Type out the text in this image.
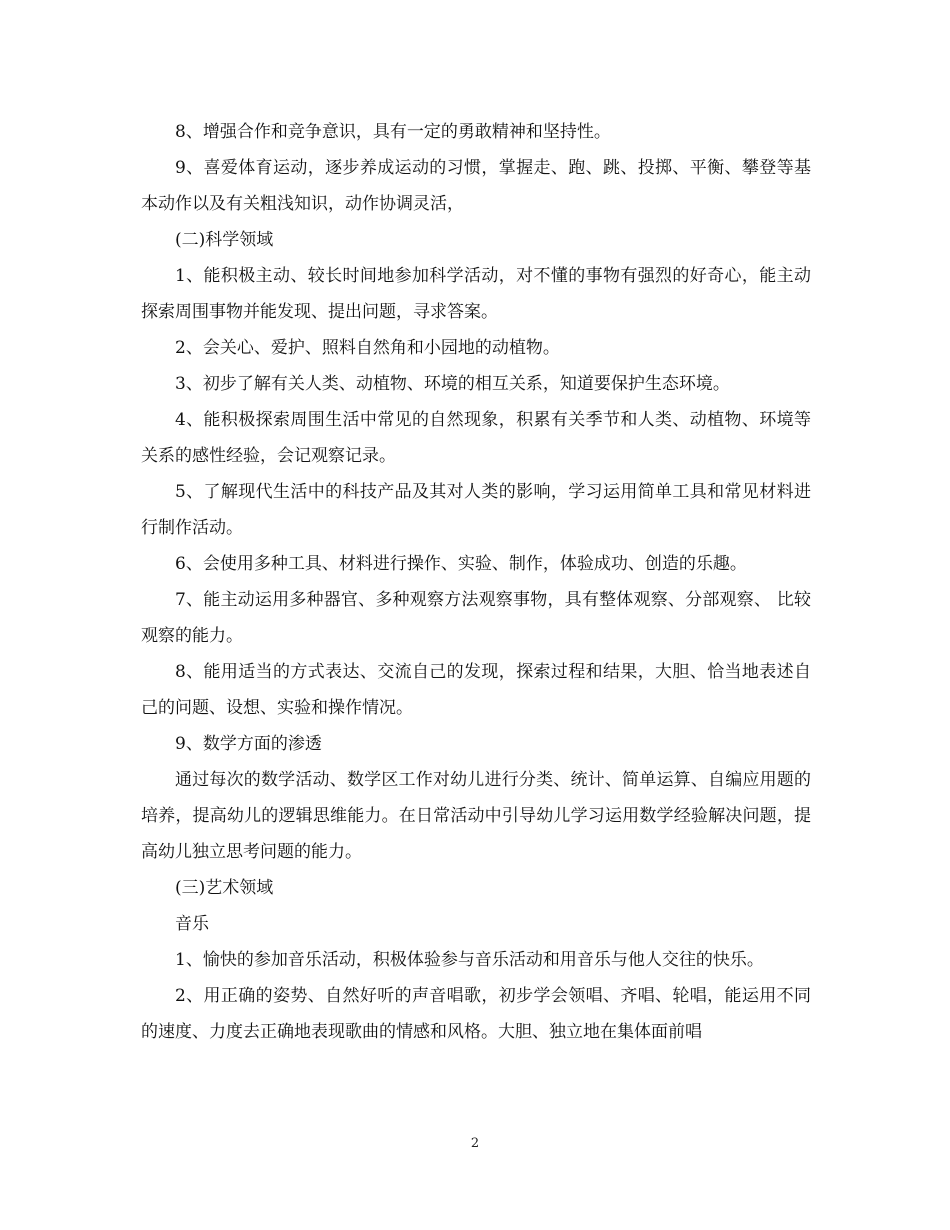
8、增强合作和竞争意识，具有一定的勇敢精神和坚持性。

9、喜爱体育运动，逐步养成运动的习惯，掌握走、跑、跳、投掷、平衡、攀登等基本动作以及有关粗浅知识，动作协调灵活，

(二)科学领域

1、能积极主动、较长时间地参加科学活动，对不懂的事物有强烈的好奇心，能主动探索周围事物并能发现、提出问题，寻求答案。

2、会关心、爱护、照料自然角和小园地的动植物。

3、初步了解有关人类、动植物、环境的相互关系，知道要保护生态环境。

4、能积极探索周围生活中常见的自然现象，积累有关季节和人类、动植物、环境等关系的感性经验，会记观察记录。

5、了解现代生活中的科技产品及其对人类的影响，学习运用简单工具和常见材料进行制作活动。

6、会使用多种工具、材料进行操作、实验、制作，体验成功、创造的乐趣。

7、能主动运用多种器官、多种观察方法观察事物，具有整体观察、分部观察、 比较观察的能力。

8、能用适当的方式表达、交流自己的发现，探索过程和结果，大胆、恰当地表述自己的问题、设想、实验和操作情况。

9、数学方面的渗透

通过每次的数学活动、数学区工作对幼儿进行分类、统计、简单运算、自编应用题的培养，提高幼儿的逻辑思维能力。在日常活动中引导幼儿学习运用数学经验解决问题，提高幼儿独立思考问题的能力。

(三)艺术领域

音乐

1、愉快的参加音乐活动，积极体验参与音乐活动和用音乐与他人交往的快乐。

2、用正确的姿势、自然好听的声音唱歌，初步学会领唱、齐唱、轮唱，能运用不同的速度、力度去正确地表现歌曲的情感和风格。大胆、独立地在集体面前唱

2
